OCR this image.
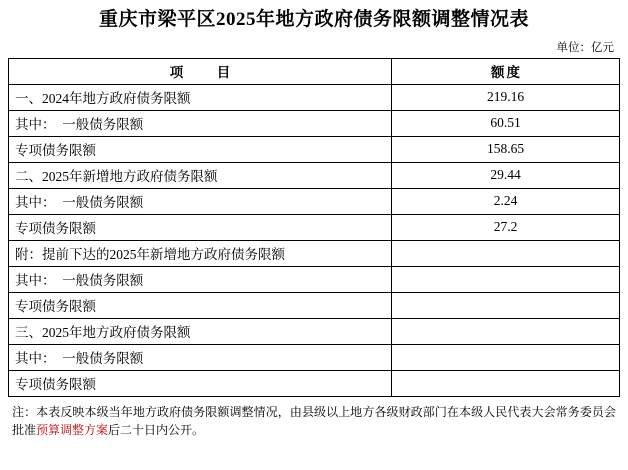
重庆市梁平区2025年地方政府债务限额调整情况表
单位：亿元
项　目	额度
一、2024年地方政府债务限额	219.16
其中：　一般债务限额	60.51
专项债务限额	158.65
二、2025年新增地方政府债务限额	29.44
其中：　一般债务限额	2.24
专项债务限额	27.2
附：提前下达的2025年新增地方政府债务限额	
其中：　一般债务限额	
专项债务限额	
三、2025年地方政府债务限额	
其中：　一般债务限额	
专项债务限额	
注：本表反映本级当年地方政府债务限额调整情况，由县级以上地方各级财政部门在本级人民代表大会常务委员会批准预算调整方案后二十日内公开。
